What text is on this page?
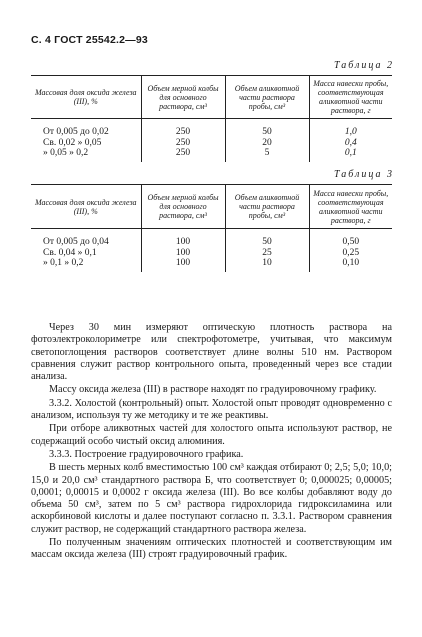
С. 4 ГОСТ 25542.2—93
Таблица 2
Массовая доля оксида железа (III), %	Объем мерной колбы для основного раствора, см³	Объем аликвотной части раствора пробы, см³	Масса навески пробы, соответствующая аликвотной части раствора, г
От 0,005 до 0,02	250	50	1,0
Св. 0,02 » 0,05	250	20	0,4
» 0,05 » 0,2	250	5	0,1
Таблица 3
Массовая доля оксида железа (III), %	Объем мерной колбы для основного раствора, см³	Объем аликвотной части раствора пробы, см³	Масса навески пробы, соответствующая аликвотной части раствора, г
От 0,005 до 0,04	100	50	0,50
Св. 0,04 » 0,1	100	25	0,25
» 0,1 » 0,2	100	10	0,10

Через 30 мин измеряют оптическую плотность раствора на фотоэлектроколориметре или спектрофотометре, учитывая, что максимум светопоглощения растворов соответствует длине волны 510 нм. Раствором сравнения служит раствор контрольного опыта, проведенный через все стадии анализа.

Массу оксида железа (III) в растворе находят по градуировочному графику.

3.3.2. Холостой (контрольный) опыт. Холостой опыт проводят одновременно с анализом, используя ту же методику и те же реактивы.

При отборе аликвотных частей для холостого опыта используют раствор, не содержащий особо чистый оксид алюминия.

3.3.3. Построение градуировочного графика.

В шесть мерных колб вместимостью 100 см³ каждая отбирают 0; 2,5; 5,0; 10,0; 15,0 и 20,0 см³ стандартного раствора Б, что соответствует 0; 0,000025; 0,00005; 0,0001; 0,00015 и 0,0002 г оксида железа (III). Во все колбы добавляют воду до объема 50 см³, затем по 5 см³ раствора гидрохлорида гидроксиламина или аскорбиновой кислоты и далее поступают согласно п. 3.3.1. Раствором сравнения служит раствор, не содержащий стандартного раствора железа.

По полученным значениям оптических плотностей и соответствующим им массам оксида железа (III) строят градуировочный график.
